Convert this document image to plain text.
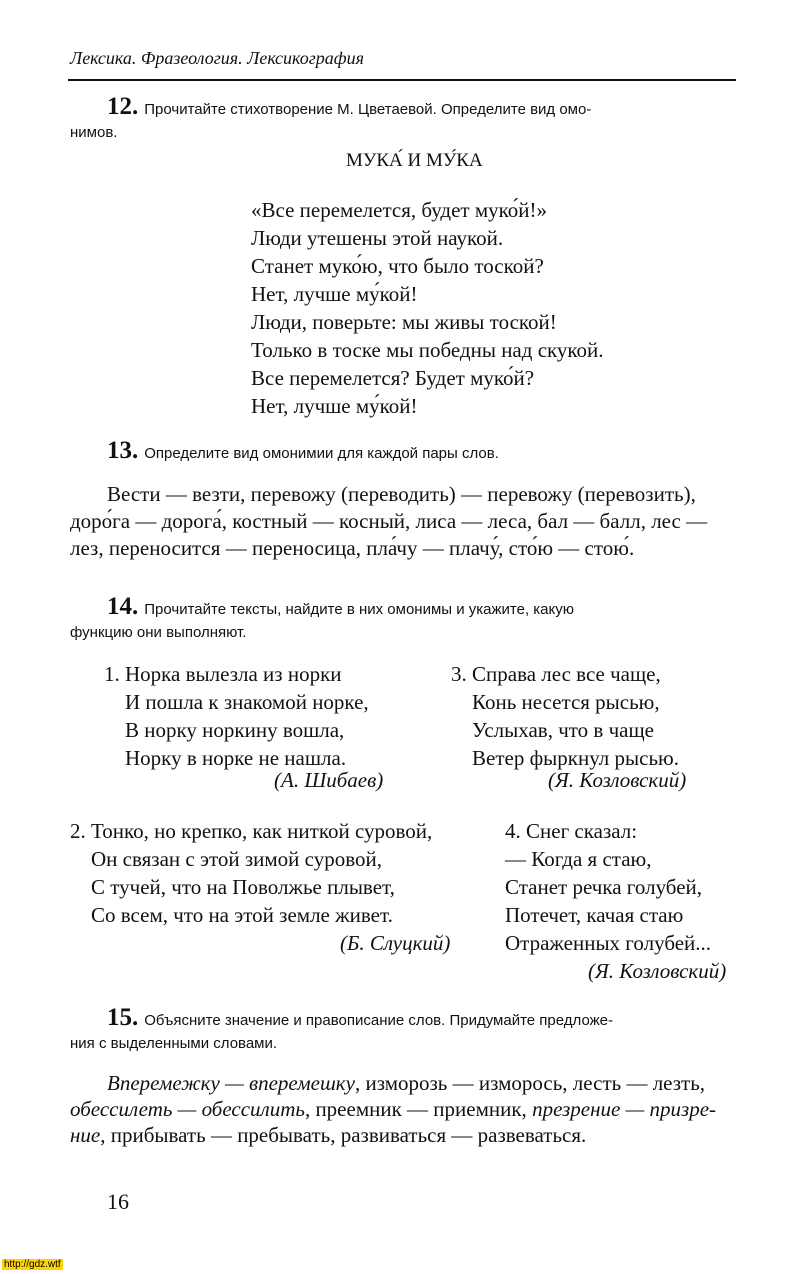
Лексика. Фразеология. Лексикография
12. Прочитайте стихотворение М. Цветаевой. Определите вид омо-
нимов.
МУКА́ И МУ́КА
«Все перемелется, будет муко́й!»
Люди утешены этой наукой.
Станет муко́ю, что было тоской?
Нет, лучше му́кой!
Люди, поверьте: мы живы тоской!
Только в тоске мы победны над скукой.
Все перемелется? Будет муко́й?
Нет, лучше му́кой!
13. Определите вид омонимии для каждой пары слов.
Вести — везти, перевожу (переводить) — перевожу (перевозить),
доро́га — дорога́, костный — косный, лиса — леса, бал — балл, лес —
лез, переносится — переносица, пла́чу — плачу́, сто́ю — стою́.
14. Прочитайте тексты, найдите в них омонимы и укажите, какую
функцию они выполняют.
1. Норка вылезла из норки
И пошла к знакомой норке,
В норку норкину вошла,
Норку в норке не нашла.
(А. Шибаев)
3. Справа лес все чаще,
Конь несется рысью,
Услыхав, что в чаще
Ветер фыркнул рысью.
(Я. Козловский)
2. Тонко, но крепко, как ниткой суровой,
Он связан с этой зимой суровой,
С тучей, что на Поволжье плывет,
Со всем, что на этой земле живет.
(Б. Слуцкий)
4. Снег сказал:
— Когда я стаю,
Станет речка голубей,
Потечет, качая стаю
Отраженных голубей...
(Я. Козловский)
15. Объясните значение и правописание слов. Придумайте предложе-
ния с выделенными словами.
Вперемежку — вперемешку, изморозь — изморось, лесть — лезть,
обессилеть — обессилить, преемник — приемник, презрение — призре-
ние, прибывать — пребывать, развиваться — развеваться.
16
http://gdz.wtf
